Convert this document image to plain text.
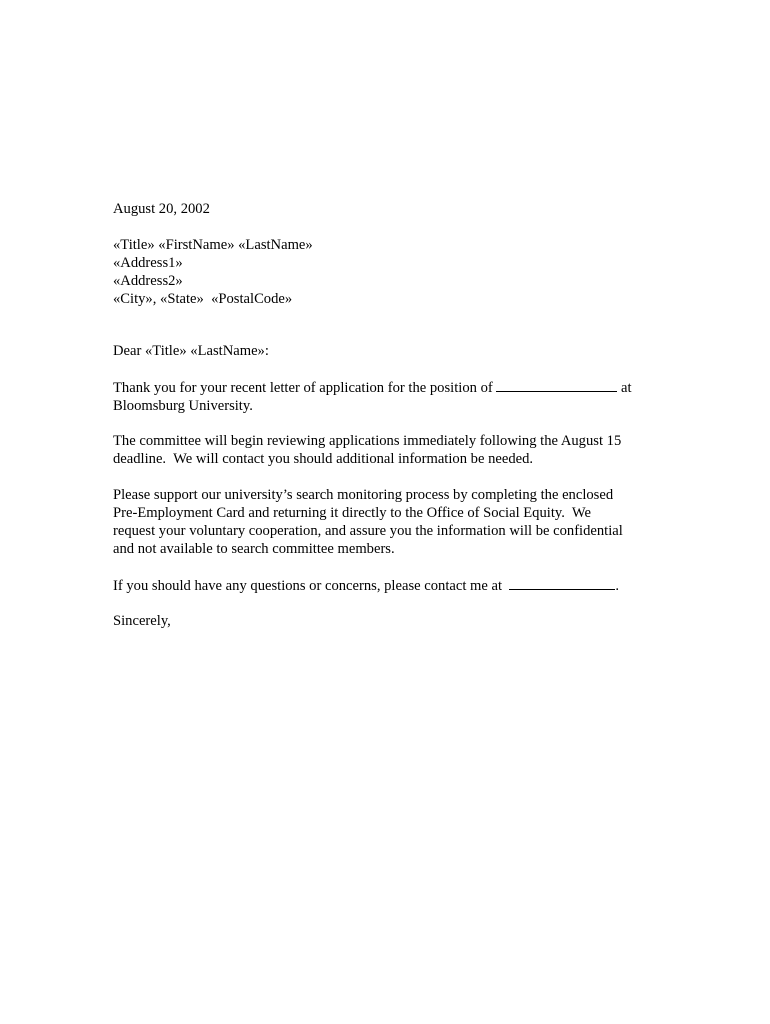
August 20, 2002

«Title» «FirstName» «LastName»
«Address1»
«Address2»
«City», «State»  «PostalCode»

Dear «Title» «LastName»:

Thank you for your recent letter of application for the position of	at
Bloomsburg University.

The committee will begin reviewing applications immediately following the August 15
deadline.  We will contact you should additional information be needed.

Please support our university’s search monitoring process by completing the enclosed
Pre-Employment Card and returning it directly to the Office of Social Equity.  We
request your voluntary cooperation, and assure you the information will be confidential
and not available to search committee members.

If you should have any questions or concerns, please contact me at	.

Sincerely,
